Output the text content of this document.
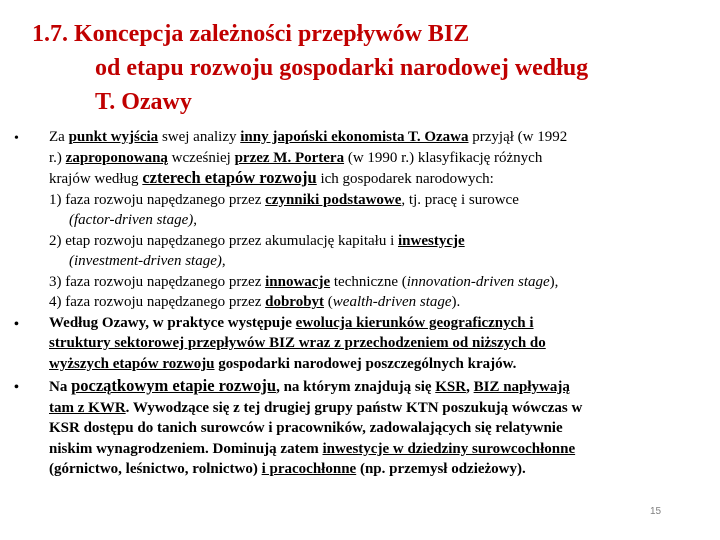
1.7. Koncepcja zależności przepływów BIZ
od etapu rozwoju gospodarki narodowej według
T. Ozawy
• Za punkt wyjścia swej analizy inny japoński ekonomista T. Ozawa przyjął (w 1992
r.) zaproponowaną wcześniej przez M. Portera (w 1990 r.) klasyfikację różnych
krajów według czterech etapów rozwoju ich gospodarek narodowych:
1) faza rozwoju napędzanego przez czynniki podstawowe, tj. pracę i surowce
(factor-driven stage),
2) etap rozwoju napędzanego przez akumulację kapitału i inwestycje
(investment-driven stage),
3) faza rozwoju napędzanego przez innowacje techniczne (innovation-driven stage),
4) faza rozwoju napędzanego przez dobrobyt (wealth-driven stage).
• Według Ozawy, w praktyce występuje ewolucja kierunków geograficznych i
struktury sektorowej przepływów BIZ wraz z przechodzeniem od niższych do
wyższych etapów rozwoju gospodarki narodowej poszczególnych krajów.
• Na początkowym etapie rozwoju, na którym znajdują się KSR, BIZ napływają
tam z KWR. Wywodzące się z tej drugiej grupy państw KTN poszukują wówczas w
KSR dostępu do tanich surowców i pracowników, zadowalających się relatywnie
niskim wynagrodzeniem. Dominują zatem inwestycje w dziedziny surowcochłonne
(górnictwo, leśnictwo, rolnictwo) i pracochłonne (np. przemysł odzieżowy).
15
